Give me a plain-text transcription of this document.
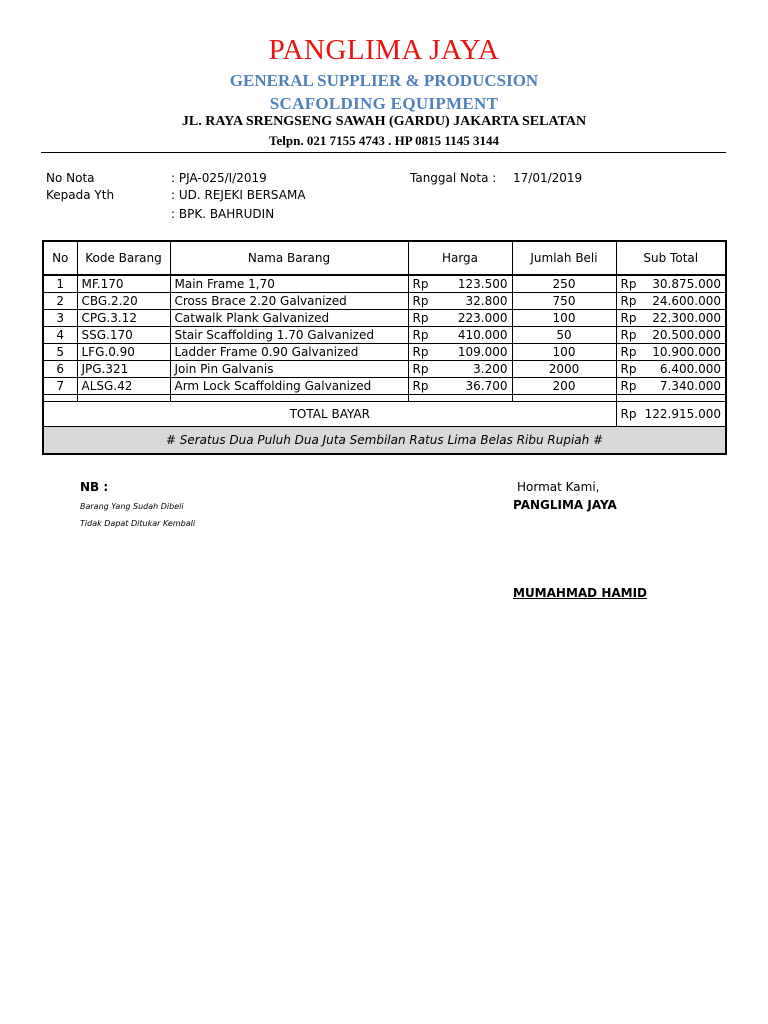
PANGLIMA JAYA
GENERAL SUPPLIER & PRODUCSION
SCAFOLDING EQUIPMENT
JL. RAYA SRENGSENG SAWAH (GARDU) JAKARTA SELATAN
Telpn. 021 7155 4743 . HP 0815 1145 3144
No Nota	: PJA-025/I/2019	Tanggal Nota : 17/01/2019
Kepada Yth	: UD. REJEKI BERSAMA
: BPK. BAHRUDIN
No	Kode Barang	Nama Barang	Harga	Jumlah Beli	Sub Total
1	MF.170	Main Frame 1,70	Rp 123.500	250	Rp 30.875.000

2	CBG.2.20	Cross Brace 2.20 Galvanized	Rp 32.800	750	Rp 24.600.000

3	CPG.3.12	Catwalk Plank Galvanized	Rp 223.000	100	Rp 22.300.000

4	SSG.170	Stair Scaffolding 1.70 Galvanized	Rp 410.000	50	Rp 20.500.000

5	LFG.0.90	Ladder Frame 0.90 Galvanized	Rp 109.000	100	Rp 10.900.000

6	JPG.321	Join Pin Galvanis	Rp 3.200	2000	Rp 6.400.000

7	ALSG.42	Arm Lock Scaffolding Galvanized	Rp 36.700	200	Rp 7.340.000

TOTAL BAYAR					Rp 122.915.000

# Seratus Dua Puluh Dua Juta Sembilan Ratus Lima Belas Ribu Rupiah #					
NB :
Barang Yang Sudah Dibeli
Tidak Dapat Ditukar Kembali
Hormat Kami,
PANGLIMA JAYA
MUMAHMAD HAMID
